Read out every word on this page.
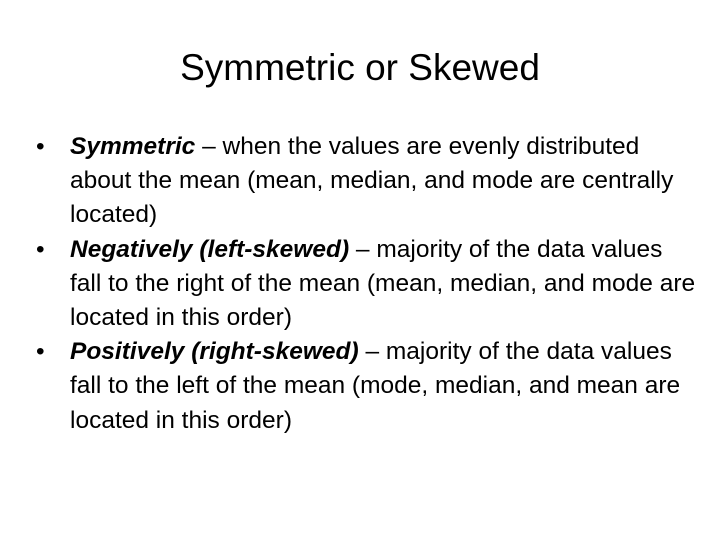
Symmetric or Skewed
•	Symmetric – when the values are evenly distributed about the mean (mean, median, and mode are centrally located)
•	Negatively (left-skewed) – majority of the data values fall to the right of the mean (mean, median, and mode are located in this order)
•	Positively (right-skewed) – majority of the data values fall to the left of the mean (mode, median, and mean are located in this order)
